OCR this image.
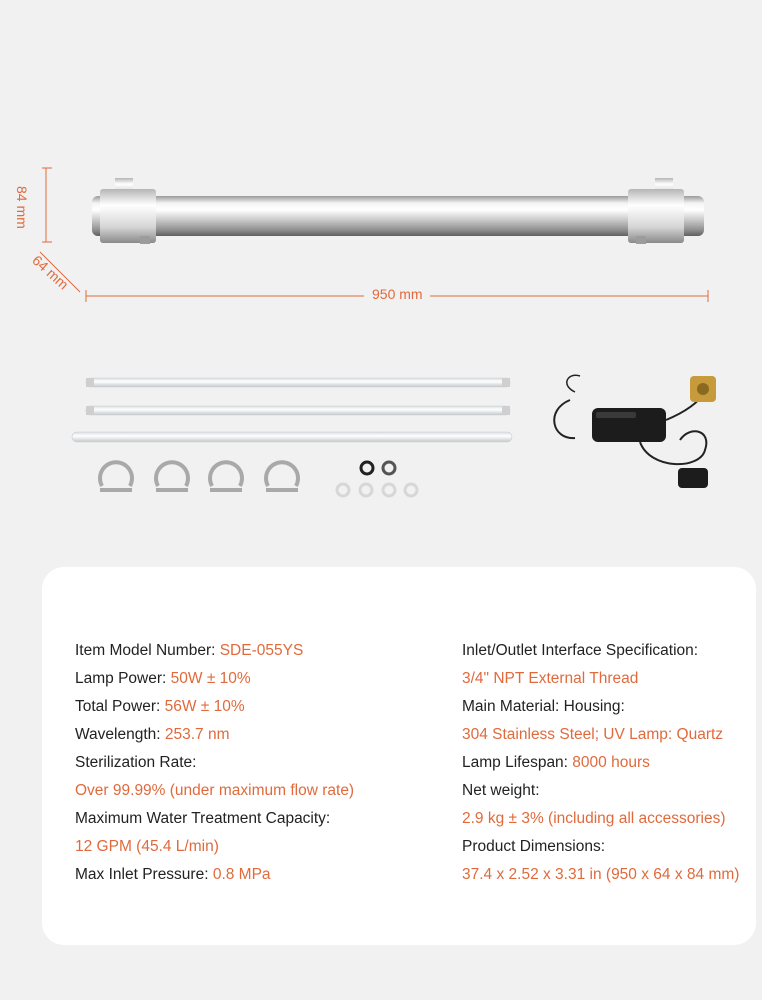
84 mm
64 mm
950 mm
Item Model Number: SDE-055YS
Lamp Power: 50W ± 10%
Total Power: 56W ± 10%
Wavelength: 253.7 nm
Sterilization Rate:
Over 99.99% (under maximum flow rate)
Maximum Water Treatment Capacity:
12 GPM (45.4 L/min)
Max Inlet Pressure: 0.8 MPa
Inlet/Outlet Interface Specification:
3/4" NPT External Thread
Main Material: Housing:
304 Stainless Steel; UV Lamp: Quartz
Lamp Lifespan: 8000 hours
Net weight:
2.9 kg ± 3% (including all accessories)
Product Dimensions:
37.4 x 2.52 x 3.31 in (950 x 64 x 84 mm)
